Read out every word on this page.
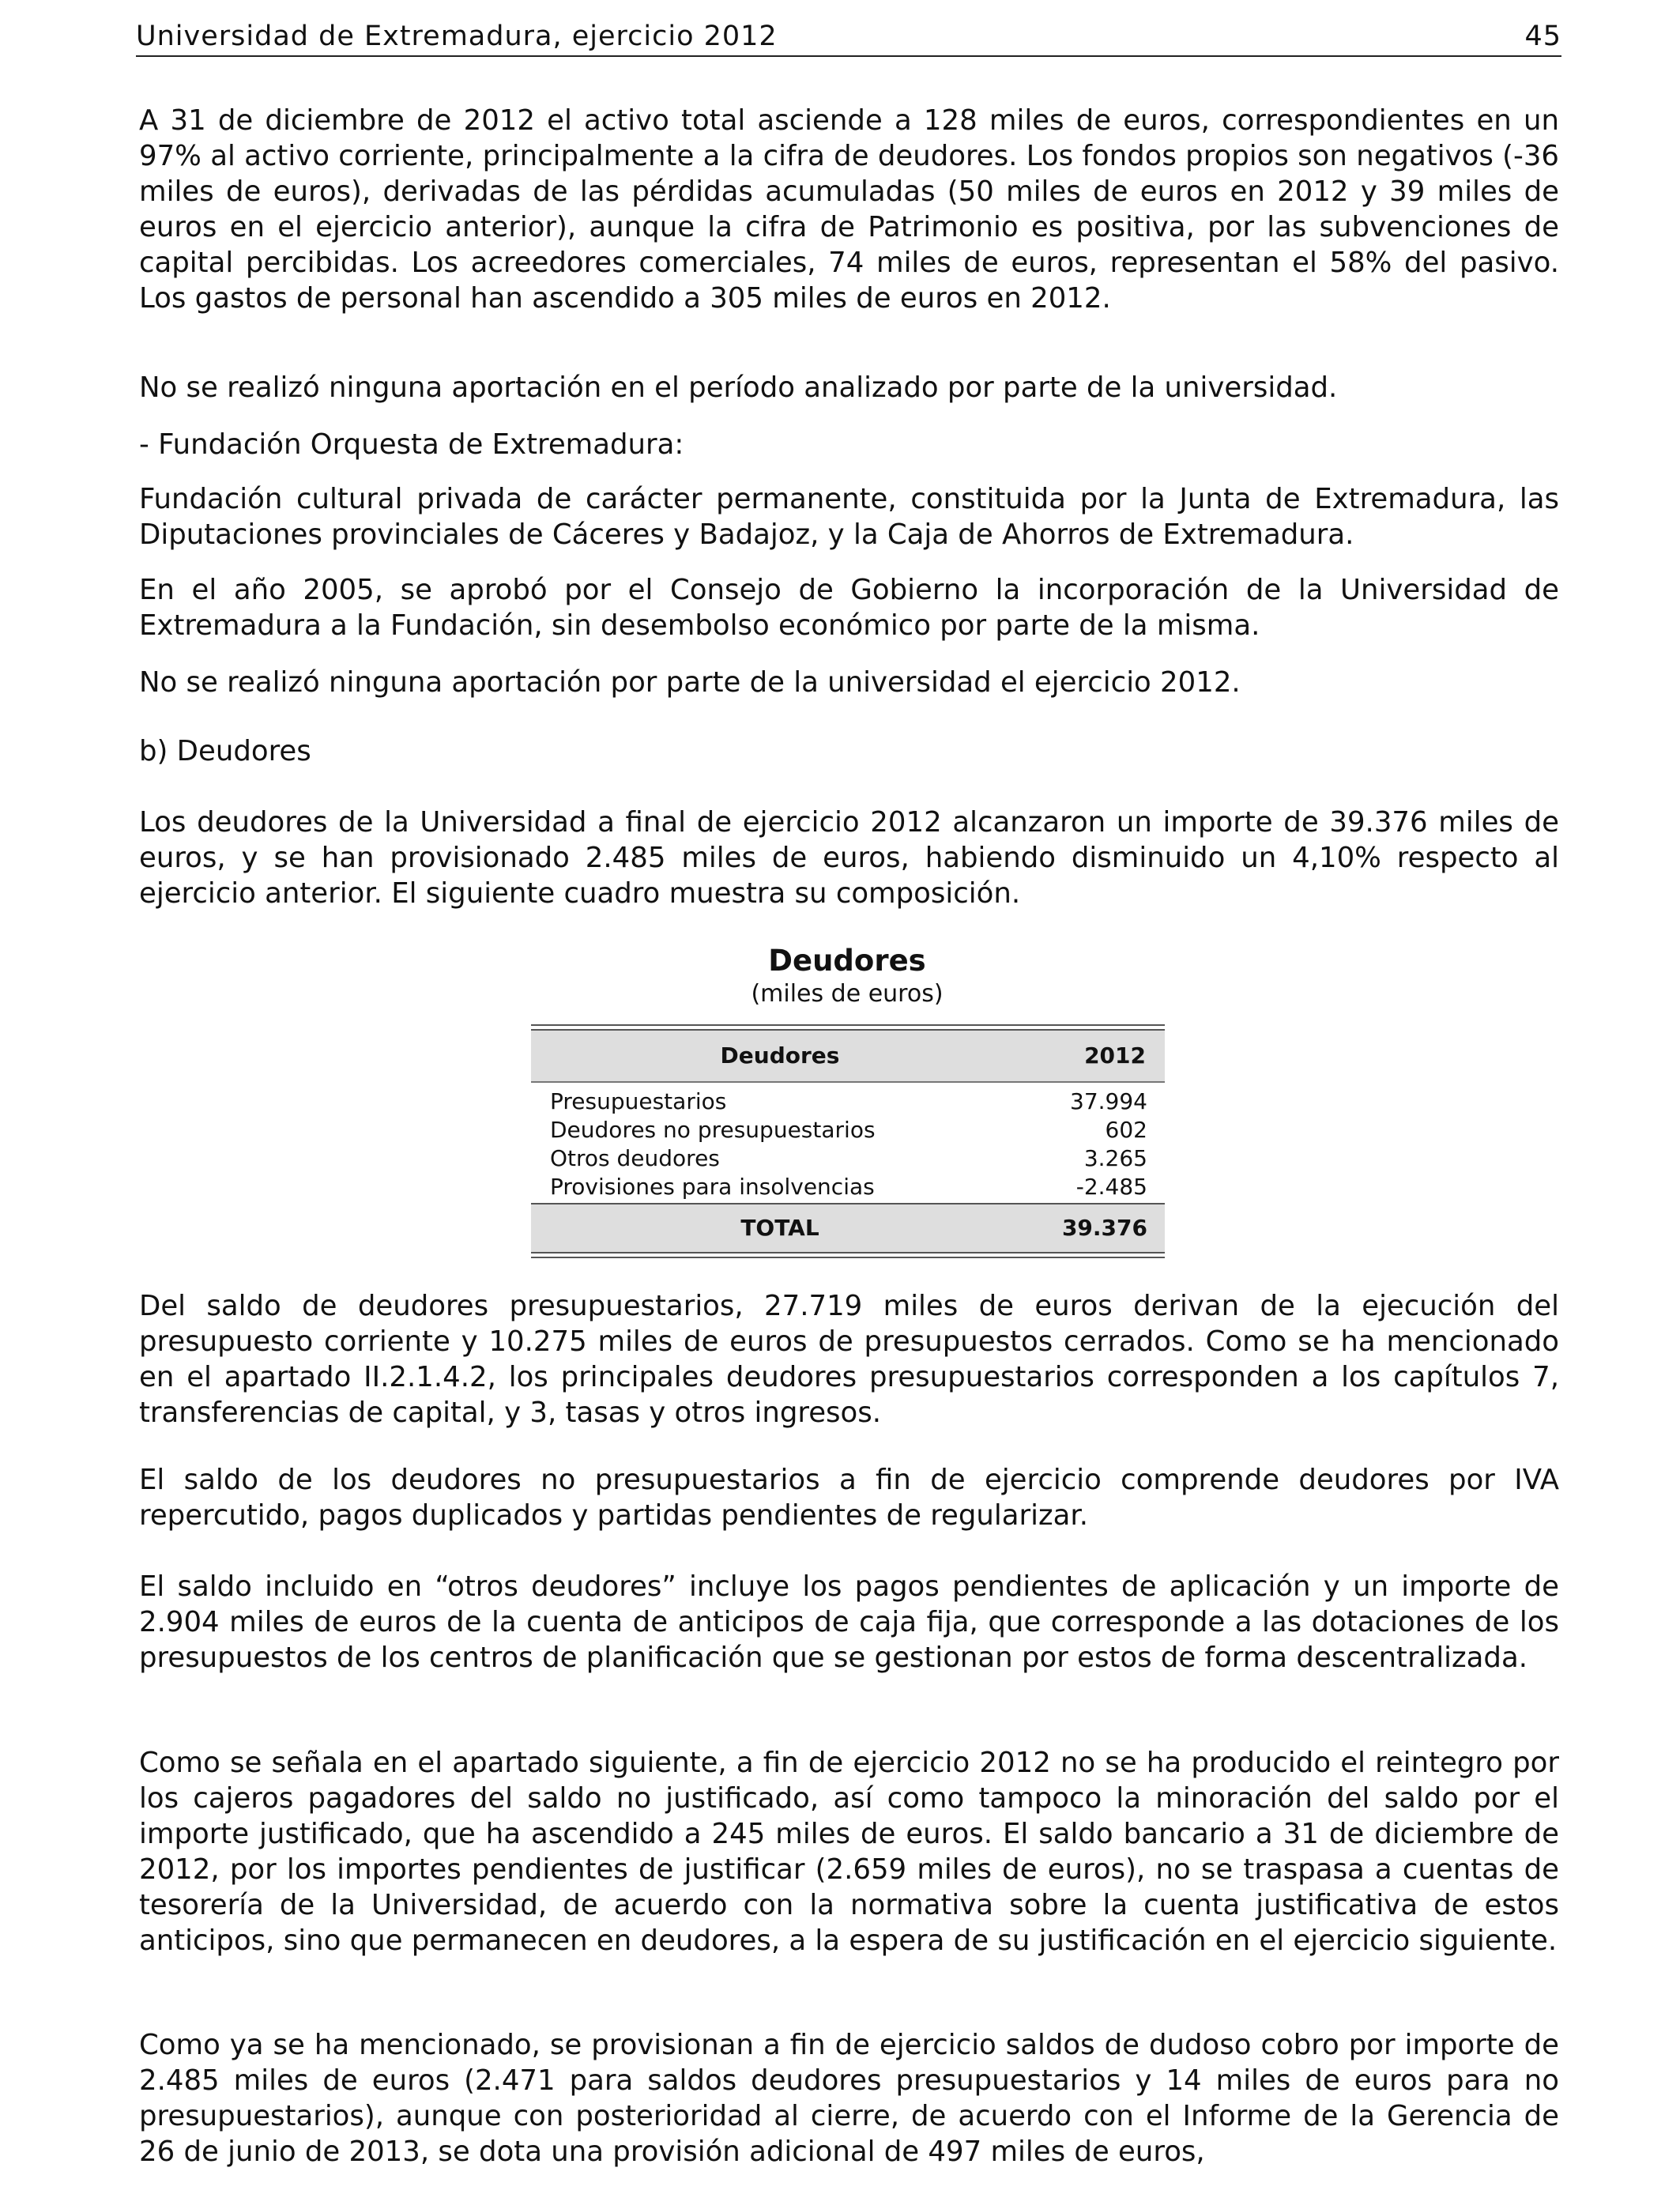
Universidad de Extremadura, ejercicio 2012	45

A 31 de diciembre de 2012 el activo total asciende a 128 miles de euros, correspondientes en un 97% al activo corriente, principalmente a la cifra de deudores. Los fondos propios son negativos (-36 miles de euros), derivadas de las pérdidas acumuladas (50 miles de euros en 2012 y 39 miles de euros en el ejercicio anterior), aunque la cifra de Patrimonio es positiva, por las subvenciones de capital percibidas. Los acreedores comerciales, 74 miles de euros, representan el 58% del pasivo. Los gastos de personal han ascendido a 305 miles de euros en 2012.

No se realizó ninguna aportación en el período analizado por parte de la universidad.

- Fundación Orquesta de Extremadura:

Fundación cultural privada de carácter permanente, constituida por la Junta de Extremadura, las Diputaciones provinciales de Cáceres y Badajoz, y la Caja de Ahorros de Extremadura.

En el año 2005, se aprobó por el Consejo de Gobierno la incorporación de la Universidad de Extremadura a la Fundación, sin desembolso económico por parte de la misma.

No se realizó ninguna aportación por parte de la universidad el ejercicio 2012.

b) Deudores

Los deudores de la Universidad a final de ejercicio 2012 alcanzaron un importe de 39.376 miles de euros, y se han provisionado 2.485 miles de euros, habiendo disminuido un 4,10% respecto al ejercicio anterior. El siguiente cuadro muestra su composición.

Deudores
(miles de euros)
Deudores	2012
Presupuestarios	37.994
Deudores no presupuestarios	602
Otros deudores	3.265
Provisiones para insolvencias	-2.485
TOTAL	39.376

Del saldo de deudores presupuestarios, 27.719 miles de euros derivan de la ejecución del presupuesto corriente y 10.275 miles de euros de presupuestos cerrados. Como se ha mencionado en el apartado II.2.1.4.2, los principales deudores presupuestarios corresponden a los capítulos 7, transferencias de capital, y 3, tasas y otros ingresos.

El saldo de los deudores no presupuestarios a fin de ejercicio comprende deudores por IVA repercutido, pagos duplicados y partidas pendientes de regularizar.

El saldo incluido en “otros deudores” incluye los pagos pendientes de aplicación y un importe de 2.904 miles de euros de la cuenta de anticipos de caja fija, que corresponde a las dotaciones de los presupuestos de los centros de planificación que se gestionan por estos de forma descentralizada.

Como se señala en el apartado siguiente, a fin de ejercicio 2012 no se ha producido el reintegro por los cajeros pagadores del saldo no justificado, así como tampoco la minoración del saldo por el importe justificado, que ha ascendido a 245 miles de euros. El saldo bancario a 31 de diciembre de 2012, por los importes pendientes de justificar (2.659 miles de euros), no se traspasa a cuentas de tesorería de la Universidad, de acuerdo con la normativa sobre la cuenta justificativa de estos anticipos, sino que permanecen en deudores, a la espera de su justificación en el ejercicio siguiente.

Como ya se ha mencionado, se provisionan a fin de ejercicio saldos de dudoso cobro por importe de 2.485 miles de euros (2.471 para saldos deudores presupuestarios y 14 miles de euros para no presupuestarios), aunque con posterioridad al cierre, de acuerdo con el Informe de la Gerencia de 26 de junio de 2013, se dota una provisión adicional de 497 miles de euros,
